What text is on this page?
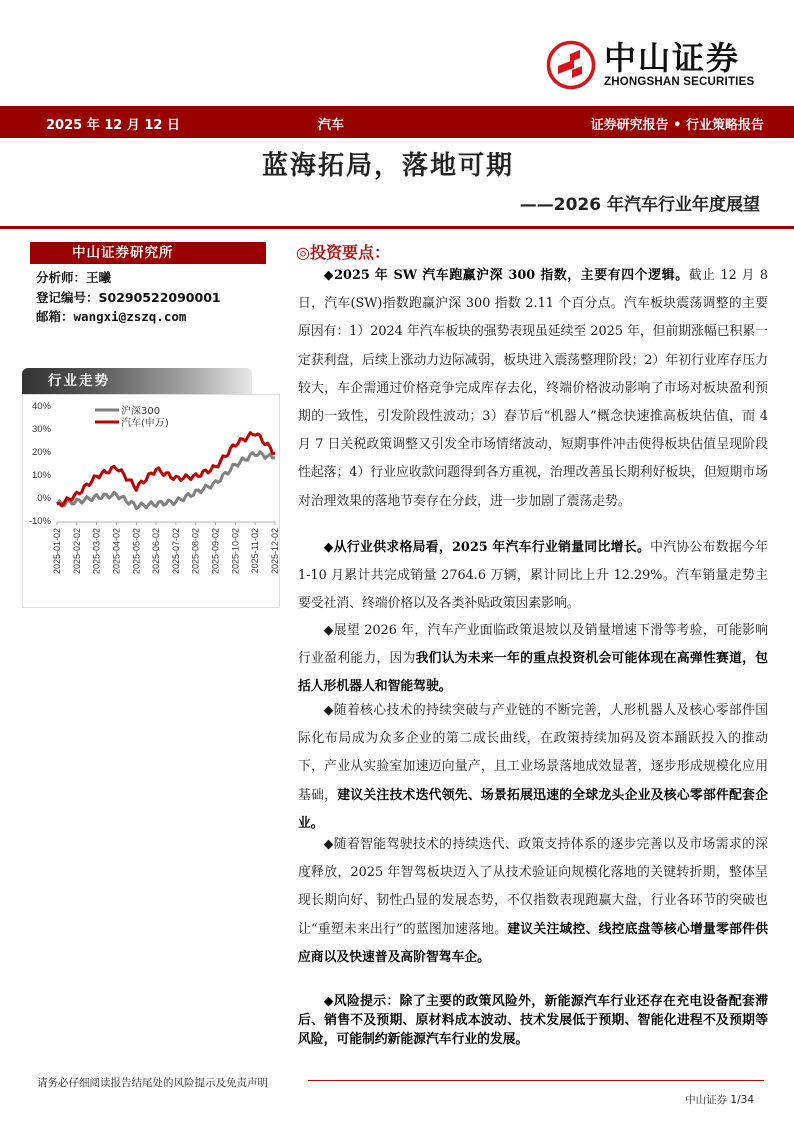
中山证券
ZHONGSHAN SECURITIES
2025 年 12 月 12 日	汽车	证券研究报告 • 行业策略报告
蓝海拓局，落地可期
——2026 年汽车行业年度展望
中山证券研究所
分析师：王曦
登记编号：S0290522090001
邮箱：wangxi@zszq.com
行业走势
40%
30%
20%
10%
0%
-10%
2025-01-02 2025-02-02 2025-03-02 2025-04-02 2025-05-02 2025-06-02 2025-07-02 2025-08-02 2025-09-02 2025-10-02 2025-11-02 2025-12-02
沪深300
汽车(申万)
◎投资要点：

◆2025 年 SW 汽车跑赢沪深 300 指数，主要有四个逻辑。截止 12 月 8 日，汽车(SW)指数跑赢沪深 300 指数 2.11 个百分点。汽车板块震荡调整的主要原因有：1）2024 年汽车板块的强势表现虽延续至 2025 年，但前期涨幅已积累一定获利盘，后续上涨动力边际减弱，板块进入震荡整理阶段；2）年初行业库存压力较大，车企需通过价格竞争完成库存去化，终端价格波动影响了市场对板块盈利预期的一致性，引发阶段性波动；3）春节后“机器人”概念快速推高板块估值，而 4 月 7 日关税政策调整又引发全市场情绪波动，短期事件冲击使得板块估值呈现阶段性起落；4）行业应收款问题得到各方重视，治理改善虽长期利好板块，但短期市场对治理效果的落地节奏存在分歧，进一步加剧了震荡走势。

◆从行业供求格局看，2025 年汽车行业销量同比增长。中汽协公布数据今年 1-10 月累计共完成销量 2764.6 万辆，累计同比上升 12.29%。汽车销量走势主要受社消、终端价格以及各类补贴政策因素影响。

◆展望 2026 年，汽车产业面临政策退坡以及销量增速下滑等考验，可能影响行业盈利能力，因为我们认为未来一年的重点投资机会可能体现在高弹性赛道，包括人形机器人和智能驾驶。

◆随着核心技术的持续突破与产业链的不断完善，人形机器人及核心零部件国际化布局成为众多企业的第二成长曲线，在政策持续加码及资本踊跃投入的推动下，产业从实验室加速迈向量产，且工业场景落地成效显著，逐步形成规模化应用基础，建议关注技术迭代领先、场景拓展迅速的全球龙头企业及核心零部件配套企业。

◆随着智能驾驶技术的持续迭代、政策支持体系的逐步完善以及市场需求的深度释放，2025 年智驾板块迈入了从技术验证向规模化落地的关键转折期，整体呈现长期向好、韧性凸显的发展态势，不仅指数表现跑赢大盘，行业各环节的突破也让“重塑未来出行”的蓝图加速落地。建议关注域控、线控底盘等核心增量零部件供应商以及快速普及高阶智驾车企。

◆风险提示：除了主要的政策风险外，新能源汽车行业还存在充电设备配套滞后、销售不及预期、原材料成本波动、技术发展低于预期、智能化进程不及预期等风险，可能制约新能源汽车行业的发展。

请务必仔细阅读报告结尾处的风险提示及免责声明
中山证券 1/34
